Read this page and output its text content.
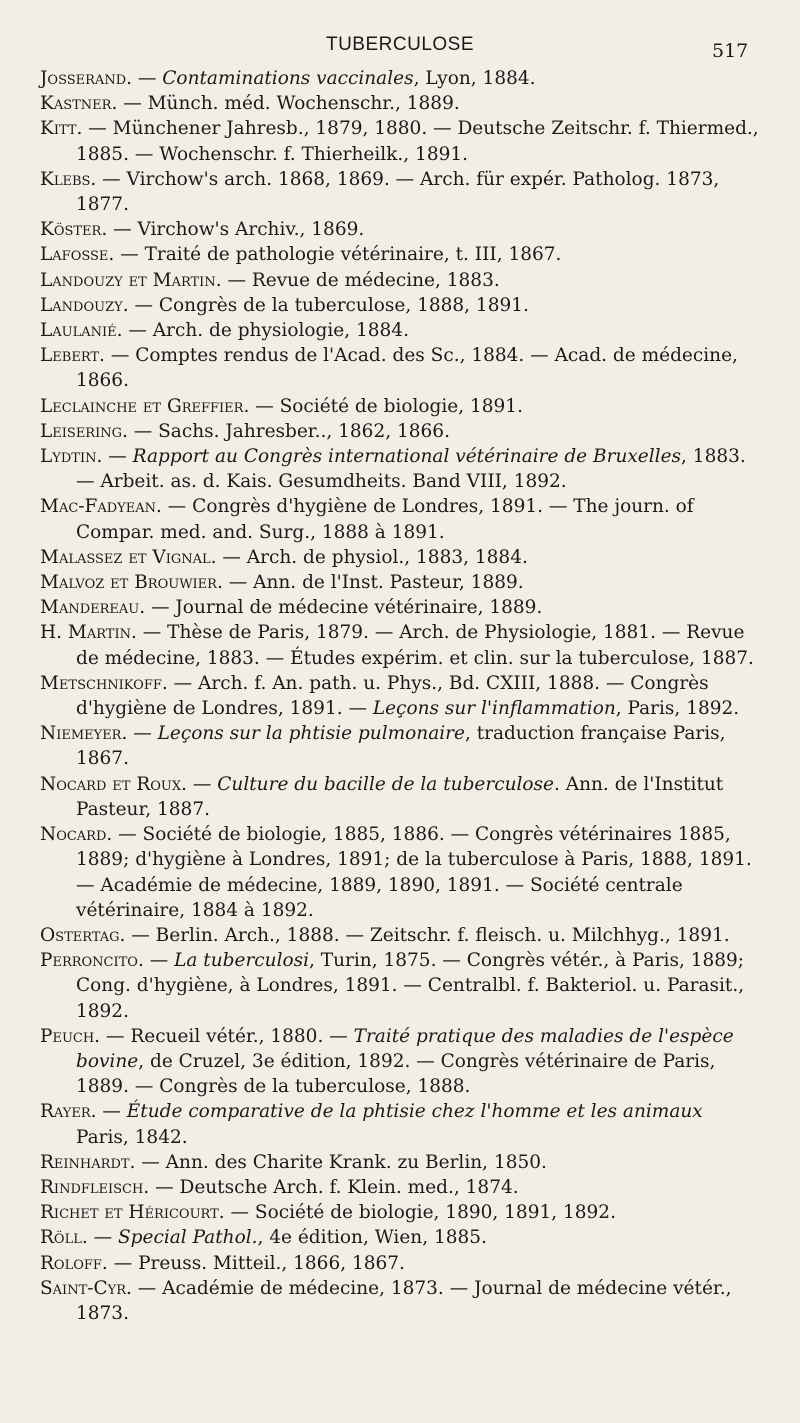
TUBERCULOSE	517

Josserand. — Contaminations vaccinales, Lyon, 1884.

Kastner. — Münch. méd. Wochenschr., 1889.

Kitt. — Münchener Jahresb., 1879, 1880. — Deutsche Zeitschr. f. Thiermed., 1885. — Wochenschr. f. Thierheilk., 1891.

Klebs. — Virchow's arch. 1868, 1869. — Arch. für expér. Patholog. 1873, 1877.

Köster. — Virchow's Archiv., 1869.

Lafosse. — Traité de pathologie vétérinaire, t. III, 1867.

Landouzy et Martin. — Revue de médecine, 1883.

Landouzy. — Congrès de la tuberculose, 1888, 1891.

Laulanié. — Arch. de physiologie, 1884.

Lebert. — Comptes rendus de l'Acad. des Sc., 1884. — Acad. de médecine, 1866.

Leclainche et Greffier. — Société de biologie, 1891.

Leisering. — Sachs. Jahresber.., 1862, 1866.

Lydtin. — Rapport au Congrès international vétérinaire de Bruxelles, 1883. — Arbeit. as. d. Kais. Gesumdheits. Band VIII, 1892.

Mac-Fadyean. — Congrès d'hygiène de Londres, 1891. — The journ. of Compar. med. and. Surg., 1888 à 1891.

Malassez et Vignal. — Arch. de physiol., 1883, 1884.

Malvoz et Brouwier. — Ann. de l'Inst. Pasteur, 1889.

Mandereau. — Journal de médecine vétérinaire, 1889.

H. Martin. — Thèse de Paris, 1879. — Arch. de Physiologie, 1881. — Revue de médecine, 1883. — Études expérim. et clin. sur la tuberculose, 1887.

Metschnikoff. — Arch. f. An. path. u. Phys., Bd. CXIII, 1888. — Congrès d'hygiène de Londres, 1891. — Leçons sur l'inflammation, Paris, 1892.

Niemeyer. — Leçons sur la phtisie pulmonaire, traduction française Paris, 1867.

Nocard et Roux. — Culture du bacille de la tuberculose. Ann. de l'Institut Pasteur, 1887.

Nocard. — Société de biologie, 1885, 1886. — Congrès vétérinaires 1885, 1889; d'hygiène à Londres, 1891; de la tuberculose à Paris, 1888, 1891. — Académie de médecine, 1889, 1890, 1891. — Société centrale vétérinaire, 1884 à 1892.

Ostertag. — Berlin. Arch., 1888. — Zeitschr. f. fleisch. u. Milchhyg., 1891.

Perroncito. — La tuberculosi, Turin, 1875. — Congrès vétér., à Paris, 1889; Cong. d'hygiène, à Londres, 1891. — Centralbl. f. Bakteriol. u. Parasit., 1892.

Peuch. — Recueil vétér., 1880. — Traité pratique des maladies de l'espèce bovine, de Cruzel, 3e édition, 1892. — Congrès vétérinaire de Paris, 1889. — Congrès de la tuberculose, 1888.

Rayer. — Étude comparative de la phtisie chez l'homme et les animaux Paris, 1842.

Reinhardt. — Ann. des Charite Krank. zu Berlin, 1850.

Rindfleisch. — Deutsche Arch. f. Klein. med., 1874.

Richet et Héricourt. — Société de biologie, 1890, 1891, 1892.

Röll. — Special Pathol., 4e édition, Wien, 1885.

Roloff. — Preuss. Mitteil., 1866, 1867.

Saint-Cyr. — Académie de médecine, 1873. — Journal de médecine vétér., 1873.
